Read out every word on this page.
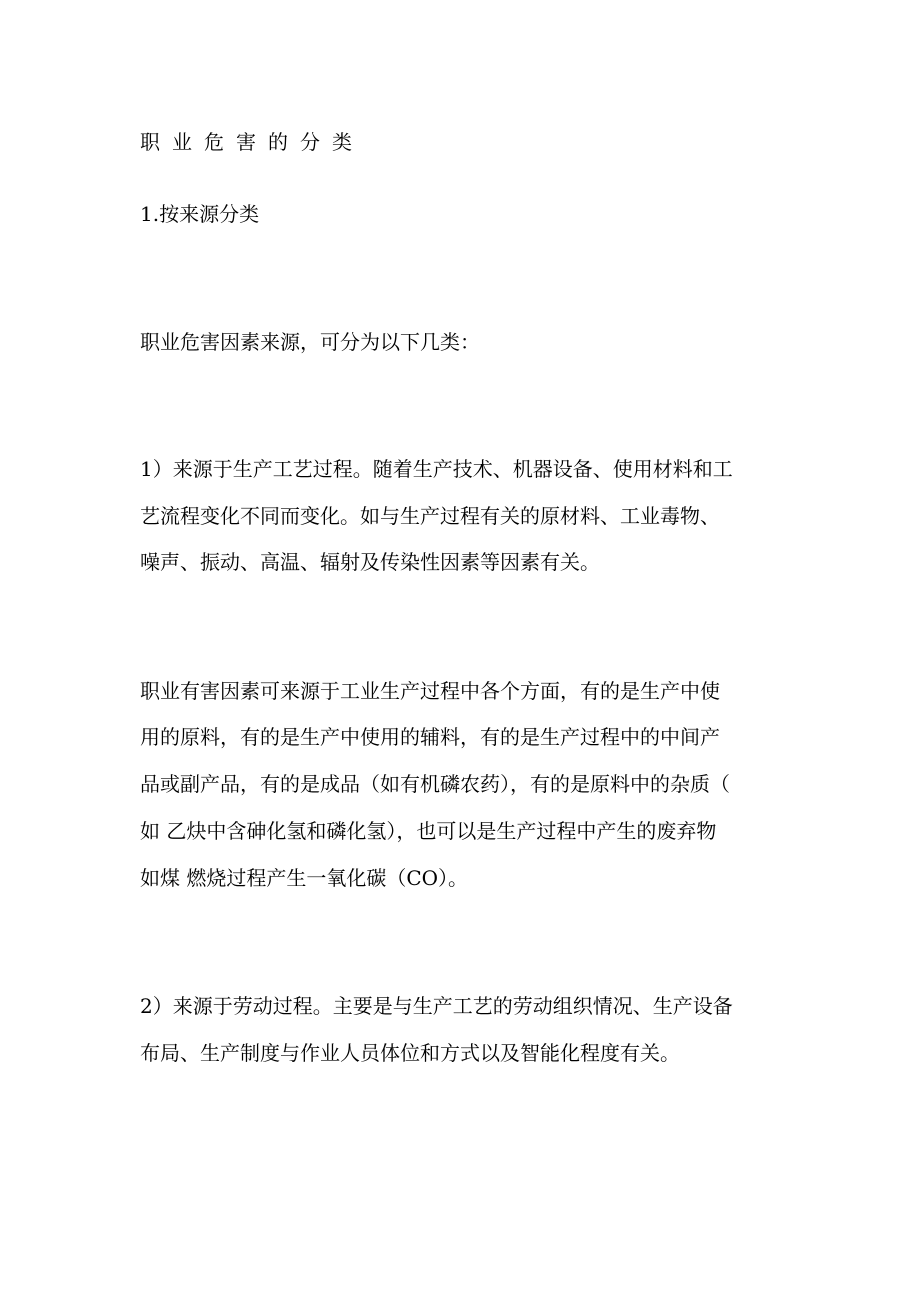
职业危害的分类

1.按来源分类

职业危害因素来源，可分为以下几类：

1）来源于生产工艺过程。随着生产技术、机器设备、使用材料和工

艺流程变化不同而变化。如与生产过程有关的原材料、工业毒物、

噪声、振动、高温、辐射及传染性因素等因素有关。

职业有害因素可来源于工业生产过程中各个方面，有的是生产中使

用的原料，有的是生产中使用的辅料，有的是生产过程中的中间产

品或副产品，有的是成品（如有机磷农药），有的是原料中的杂质（

如 乙炔中含砷化氢和磷化氢），也可以是生产过程中产生的废弃物

如煤 燃烧过程产生一氧化碳（CO）。

2）来源于劳动过程。主要是与生产工艺的劳动组织情况、生产设备

布局、生产制度与作业人员体位和方式以及智能化程度有关。
